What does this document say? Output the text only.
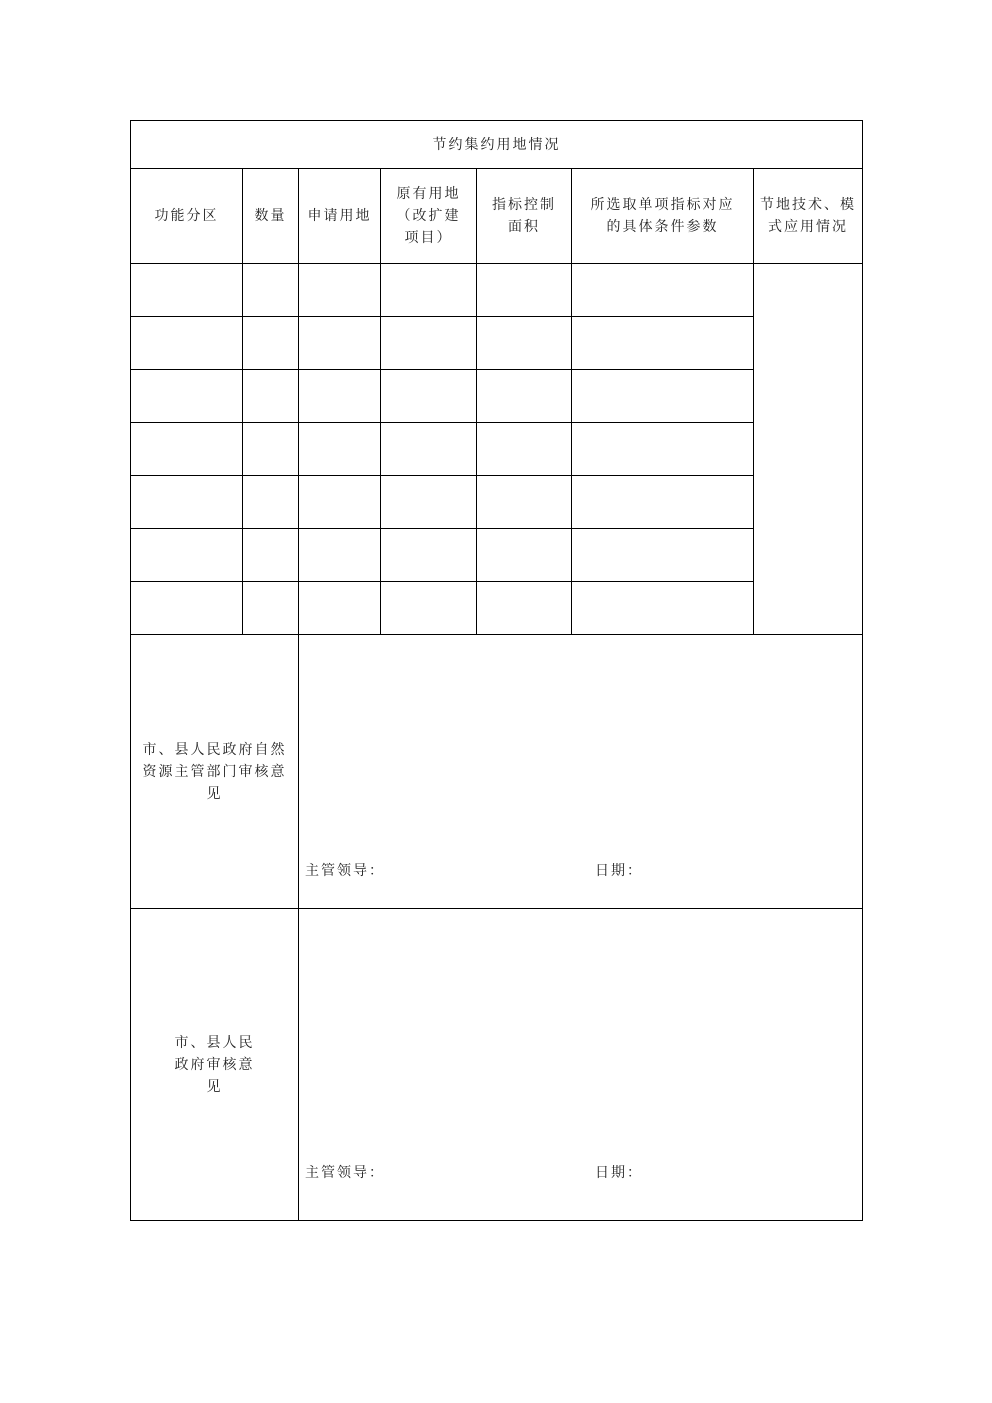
节约集约用地情况						
功能分区	数量	申请用地	原有用地（改扩建项目）	指标控制面积	所选取单项指标对应的具体条件参数	节地技术、模式应用情况

市、县人民政府自然资源主管部门审核意见		主管领导： 日期：				

市、县人民政府审核意见		主管领导： 日期：				
